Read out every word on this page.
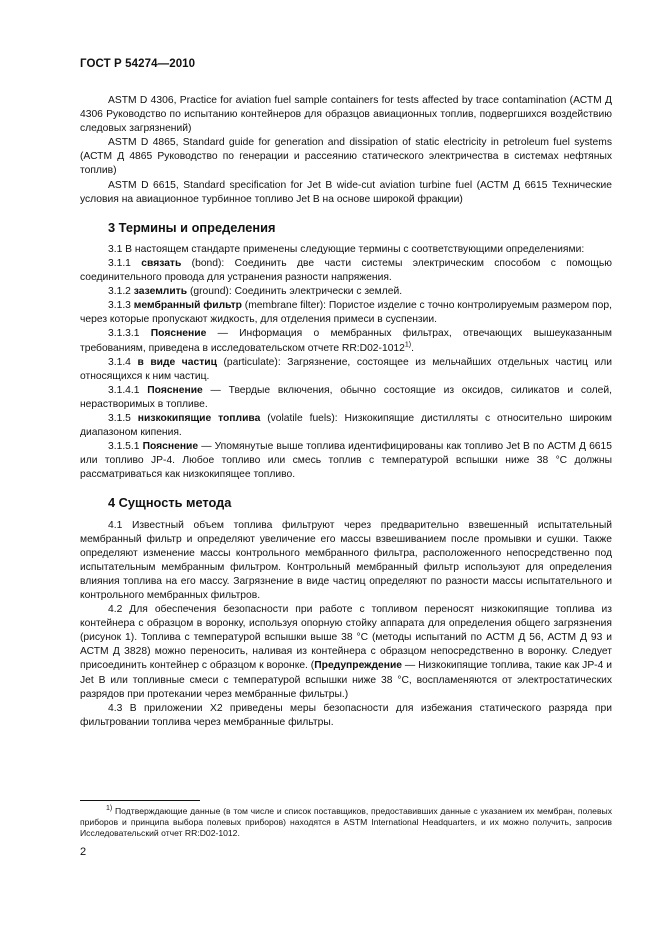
ГОСТ Р 54274—2010

ASTM D 4306, Practice for aviation fuel sample containers for tests affected by trace contamination (АСТМ Д 4306 Руководство по испытанию контейнеров для образцов авиационных топлив, подвергшихся воздействию следовых загрязнений)

ASTM D 4865, Standard guide for generation and dissipation of static electricity in petroleum fuel systems (АСТМ Д 4865 Руководство по генерации и рассеянию статического электричества в системах нефтяных топлив)

ASTM D 6615, Standard specification for Jet B wide-cut aviation turbine fuel (АСТМ Д 6615 Технические условия на авиационное турбинное топливо Jet B на основе широкой фракции)

3 Термины и определения

3.1 В настоящем стандарте применены следующие термины с соответствующими определениями:

3.1.1 связать (bond): Соединить две части системы электрическим способом с помощью соединительного провода для устранения разности напряжения.

3.1.2 заземлить (ground): Соединить электрически с землей.

3.1.3 мембранный фильтр (membrane filter): Пористое изделие с точно контролируемым размером пор, через которые пропускают жидкость, для отделения примеси в суспензии.

3.1.3.1 Пояснение — Информация о мембранных фильтрах, отвечающих вышеуказанным требованиям, приведена в исследовательском отчете RR:D02-1012$^{1)}$.

3.1.4 в виде частиц (particulate): Загрязнение, состоящее из мельчайших отдельных частиц или относящихся к ним частиц.

3.1.4.1 Пояснение — Твердые включения, обычно состоящие из оксидов, силикатов и солей, нерастворимых в топливе.

3.1.5 низкокипящие топлива (volatile fuels): Низкокипящие дистилляты с относительно широким диапазоном кипения.

3.1.5.1 Пояснение — Упомянутые выше топлива идентифицированы как топливо Jet B по АСТМ Д 6615 или топливо JP-4. Любое топливо или смесь топлив с температурой вспышки ниже 38 °С должны рассматриваться как низкокипящее топливо.

4 Сущность метода

4.1 Известный объем топлива фильтруют через предварительно взвешенный испытательный мембранный фильтр и определяют увеличение его массы взвешиванием после промывки и сушки. Также определяют изменение массы контрольного мембранного фильтра, расположенного непосредственно под испытательным мембранным фильтром. Контрольный мембранный фильтр используют для определения влияния топлива на его массу. Загрязнение в виде частиц определяют по разности массы испытательного и контрольного мембранных фильтров.

4.2 Для обеспечения безопасности при работе с топливом переносят низкокипящие топлива из контейнера с образцом в воронку, используя опорную стойку аппарата для определения общего загрязнения (рисунок 1). Топлива с температурой вспышки выше 38 °С (методы испытаний по АСТМ Д 56, АСТМ Д 93 и АСТМ Д 3828) можно переносить, наливая из контейнера с образцом непосредственно в воронку. Следует присоединить контейнер с образцом к воронке. (Предупреждение — Низкокипящие топлива, такие как JP-4 и Jet B или топливные смеси с температурой вспышки ниже 38 °С, воспламеняются от электростатических разрядов при протекании через мембранные фильтры.)

4.3 В приложении Х2 приведены меры безопасности для избежания статического разряда при фильтровании топлива через мембранные фильтры.

$^{1)}$ Подтверждающие данные (в том числе и список поставщиков, предоставивших данные с указанием их мембран, полевых приборов и принципа выбора полевых приборов) находятся в ASTM International Headquarters, и их можно получить, запросив Исследовательский отчет RR:D02-1012.
2
